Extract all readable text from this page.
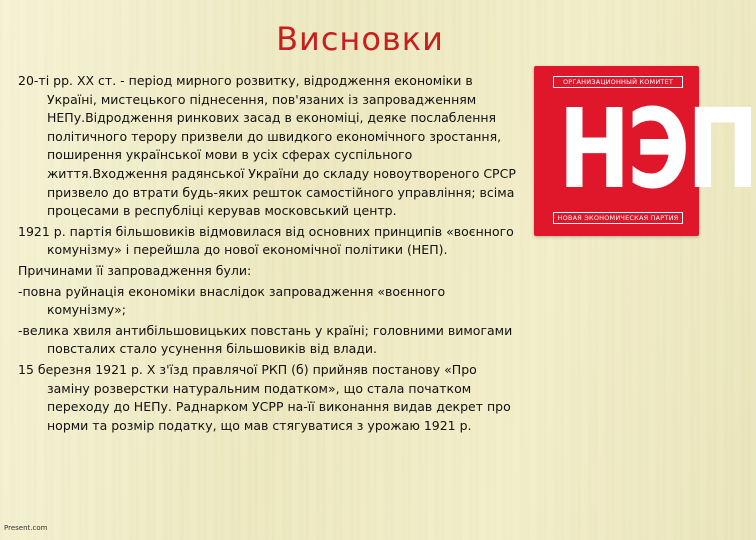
Висновки

20-ті рр. ХХ ст. - період мирного розвитку, відродження економіки в Україні, мистецького піднесення, пов'язаних із запровадженням НЕПу.Відродження ринкових засад в економіці, деяке послаблення політичного терору призвели до швидкого економічного зростання, поширення української мови в усіх сферах суспільного життя.Входження радянської України до складу новоутвореного СРСР призвело до втрати будь-яких решток самостійного управління; всіма процесами в республіці керував московський центр.

1921 р. партія більшовиків відмовилася від основних принципів «воєнного комунізму» і перейшла до нової економічної політики (НЕП).

Причинами її запровадження були:

-повна руйнація економіки внаслідок запровадження «воєнного комунізму»;

-велика хвиля антибільшовицьких повстань у країні; головними вимогами повсталих стало усунення більшовиків від влади.

15 березня 1921 р. Х з'їзд правлячої РКП (б) прийняв постанову «Про заміну розверстки натуральним податком», що стала початком переходу до НЕПу. Раднарком УСРР на-її виконання видав декрет про норми та розмір податку, що мав стягуватися з урожаю 1921 р.

ОРГАНИЗАЦИОННЫЙ КОМИТЕТ
НЭП
НОВАЯ ЭКОНОМИЧЕСКАЯ ПАРТИЯ
Present.com
